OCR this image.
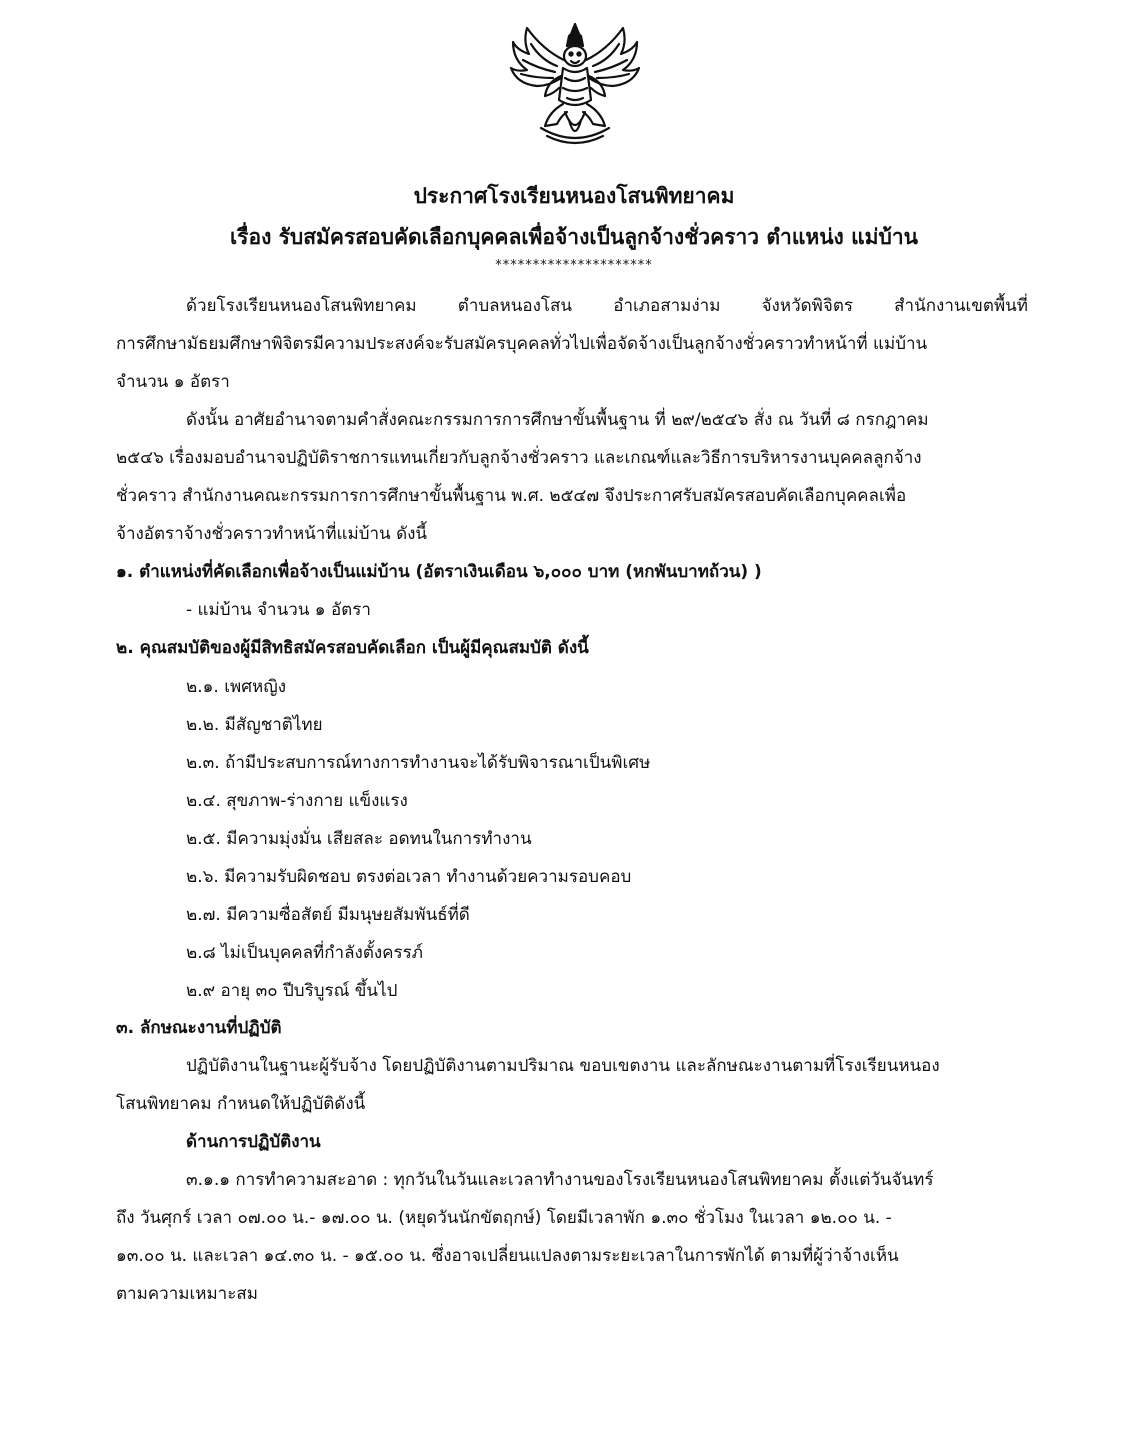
ประกาศโรงเรียนหนองโสนพิทยาคม
เรื่อง รับสมัครสอบคัดเลือกบุคคลเพื่อจ้างเป็นลูกจ้างชั่วคราว ตำแหน่ง แม่บ้าน
*********************
ด้วยโรงเรียนหนองโสนพิทยาคม ตำบลหนองโสน อำเภอสามง่าม จังหวัดพิจิตร สำนักงานเขตพื้นที่
การศึกษามัธยมศึกษาพิจิตรมีความประสงค์จะรับสมัครบุคคลทั่วไปเพื่อจัดจ้างเป็นลูกจ้างชั่วคราวทำหน้าที่ แม่บ้าน
จำนวน ๑ อัตรา
ดังนั้น อาศัยอำนาจตามคำสั่งคณะกรรมการการศึกษาขั้นพื้นฐาน ที่ ๒๙/๒๕๔๖ สั่ง ณ วันที่ ๘ กรกฎาคม
๒๕๔๖ เรื่องมอบอำนาจปฏิบัติราชการแทนเกี่ยวกับลูกจ้างชั่วคราว และเกณฑ์และวิธีการบริหารงานบุคคลลูกจ้าง
ชั่วคราว สำนักงานคณะกรรมการการศึกษาขั้นพื้นฐาน พ.ศ. ๒๕๔๗ จึงประกาศรับสมัครสอบคัดเลือกบุคคลเพื่อ
จ้างอัตราจ้างชั่วคราวทำหน้าที่แม่บ้าน ดังนี้
๑. ตำแหน่งที่คัดเลือกเพื่อจ้างเป็นแม่บ้าน (อัตราเงินเดือน ๖,๐๐๐ บาท (หกพันบาทถ้วน) )
- แม่บ้าน จำนวน ๑ อัตรา
๒. คุณสมบัติของผู้มีสิทธิสมัครสอบคัดเลือก เป็นผู้มีคุณสมบัติ ดังนี้
๒.๑. เพศหญิง
๒.๒. มีสัญชาติไทย
๒.๓. ถ้ามีประสบการณ์ทางการทำงานจะได้รับพิจารณาเป็นพิเศษ
๒.๔. สุขภาพ-ร่างกาย แข็งแรง
๒.๕. มีความมุ่งมั่น เสียสละ อดทนในการทำงาน
๒.๖. มีความรับผิดชอบ ตรงต่อเวลา ทำงานด้วยความรอบคอบ
๒.๗. มีความซื่อสัตย์ มีมนุษยสัมพันธ์ที่ดี
๒.๘ ไม่เป็นบุคคลที่กำลังตั้งครรภ์
๒.๙ อายุ ๓๐ ปีบริบูรณ์ ขึ้นไป
๓. ลักษณะงานที่ปฏิบัติ
ปฏิบัติงานในฐานะผู้รับจ้าง โดยปฏิบัติงานตามปริมาณ ขอบเขตงาน และลักษณะงานตามที่โรงเรียนหนอง
โสนพิทยาคม กำหนดให้ปฏิบัติดังนี้
ด้านการปฏิบัติงาน
๓.๑.๑ การทำความสะอาด : ทุกวันในวันและเวลาทำงานของโรงเรียนหนองโสนพิทยาคม ตั้งแต่วันจันทร์
ถึง วันศุกร์ เวลา ๐๗.๐๐ น.- ๑๗.๐๐ น. (หยุดวันนักขัตฤกษ์) โดยมีเวลาพัก ๑.๓๐ ชั่วโมง ในเวลา ๑๒.๐๐ น. -
๑๓.๐๐ น. และเวลา ๑๔.๓๐ น. - ๑๕.๐๐ น. ซึ่งอาจเปลี่ยนแปลงตามระยะเวลาในการพักได้ ตามที่ผู้ว่าจ้างเห็น
ตามความเหมาะสม
